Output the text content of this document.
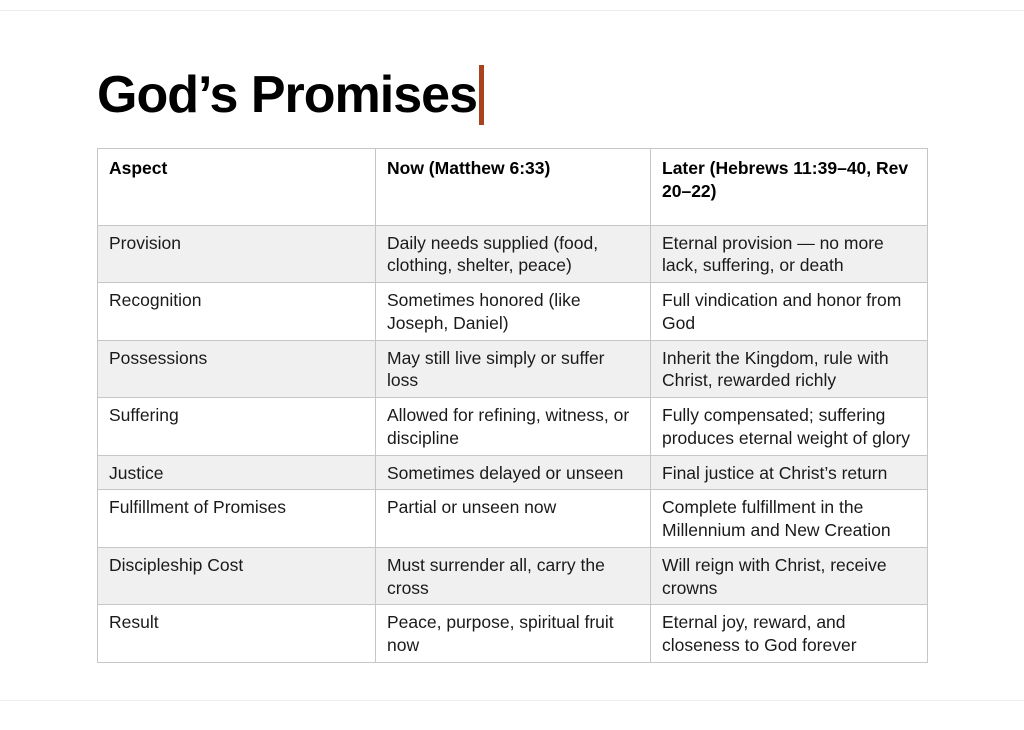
God’s Promises
Aspect	Now (Matthew 6:33)	Later (Hebrews 11:39–40, Rev 20–22)
Provision	Daily needs supplied (food, clothing, shelter, peace)	Eternal provision — no more lack, suffering, or death
Recognition	Sometimes honored (like Joseph, Daniel)	Full vindication and honor from God
Possessions	May still live simply or suffer loss	Inherit the Kingdom, rule with Christ, rewarded richly
Suffering	Allowed for refining, witness, or discipline	Fully compensated; suffering produces eternal weight of glory
Justice	Sometimes delayed or unseen	Final justice at Christ’s return
Fulfillment of Promises	Partial or unseen now	Complete fulfillment in the Millennium and New Creation
Discipleship Cost	Must surrender all, carry the cross	Will reign with Christ, receive crowns
Result	Peace, purpose, spiritual fruit now	Eternal joy, reward, and closeness to God forever
